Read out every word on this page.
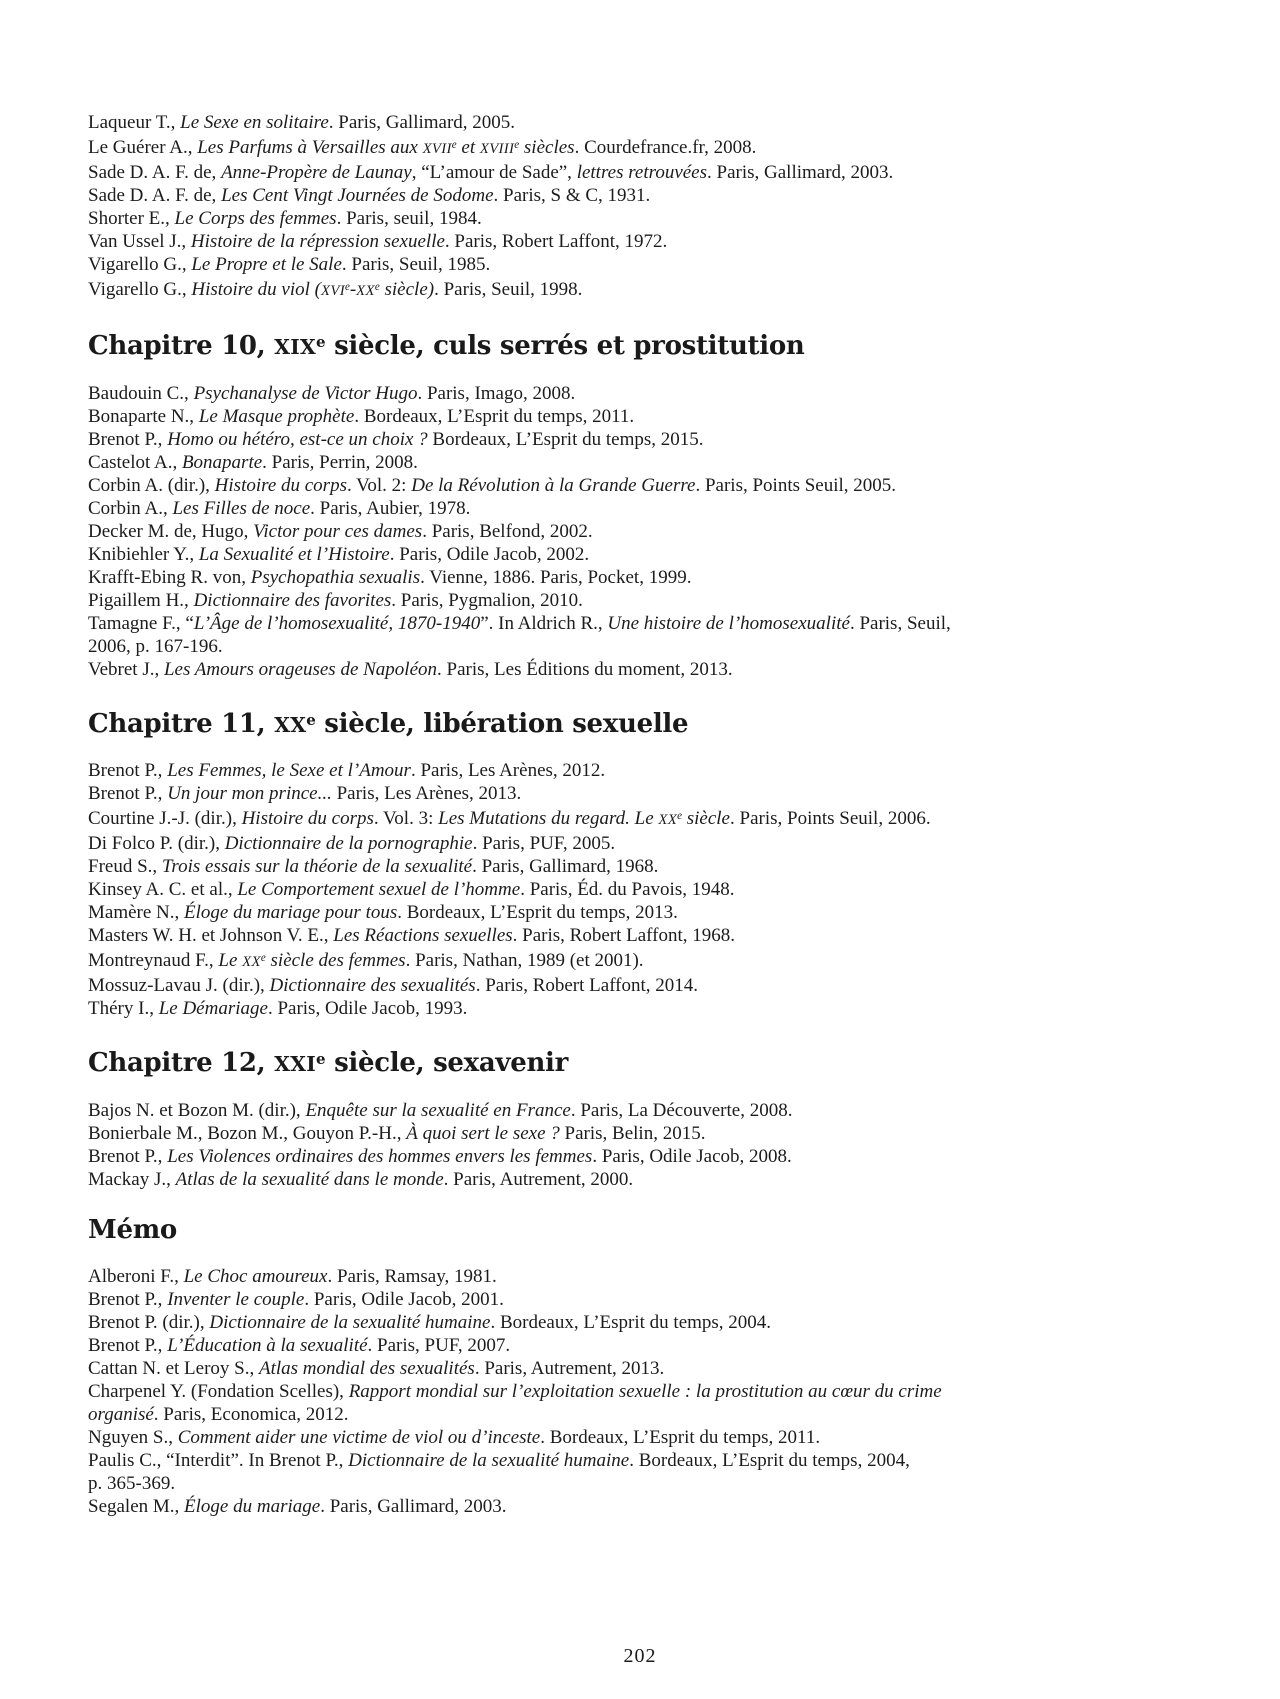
Laqueur T., Le Sexe en solitaire. Paris, Gallimard, 2005.

Le Guérer A., Les Parfums à Versailles aux XVIIe et XVIIIe siècles. Courdefrance.fr, 2008.

Sade D. A. F. de, Anne-Propère de Launay, “L’amour de Sade”, lettres retrouvées. Paris, Gallimard, 2003.

Sade D. A. F. de, Les Cent Vingt Journées de Sodome. Paris, S & C, 1931.

Shorter E., Le Corps des femmes. Paris, seuil, 1984.

Van Ussel J., Histoire de la répression sexuelle. Paris, Robert Laffont, 1972.

Vigarello G., Le Propre et le Sale. Paris, Seuil, 1985.

Vigarello G., Histoire du viol (XVIe-XXe siècle). Paris, Seuil, 1998.

Chapitre 10, XIXe siècle, culs serrés et prostitution

Baudouin C., Psychanalyse de Victor Hugo. Paris, Imago, 2008.

Bonaparte N., Le Masque prophète. Bordeaux, L’Esprit du temps, 2011.

Brenot P., Homo ou hétéro, est-ce un choix ? Bordeaux, L’Esprit du temps, 2015.

Castelot A., Bonaparte. Paris, Perrin, 2008.

Corbin A. (dir.), Histoire du corps. Vol. 2: De la Révolution à la Grande Guerre. Paris, Points Seuil, 2005.

Corbin A., Les Filles de noce. Paris, Aubier, 1978.

Decker M. de, Hugo, Victor pour ces dames. Paris, Belfond, 2002.

Knibiehler Y., La Sexualité et l’Histoire. Paris, Odile Jacob, 2002.

Krafft-Ebing R. von, Psychopathia sexualis. Vienne, 1886. Paris, Pocket, 1999.

Pigaillem H., Dictionnaire des favorites. Paris, Pygmalion, 2010.

Tamagne F., “L’Âge de l’homosexualité, 1870-1940”. In Aldrich R., Une histoire de l’homosexualité. Paris, Seuil,
2006, p. 167-196.

Vebret J., Les Amours orageuses de Napoléon. Paris, Les Éditions du moment, 2013.

Chapitre 11, XXe siècle, libération sexuelle

Brenot P., Les Femmes, le Sexe et l’Amour. Paris, Les Arènes, 2012.

Brenot P., Un jour mon prince... Paris, Les Arènes, 2013.

Courtine J.-J. (dir.), Histoire du corps. Vol. 3: Les Mutations du regard. Le XXe siècle. Paris, Points Seuil, 2006.

Di Folco P. (dir.), Dictionnaire de la pornographie. Paris, PUF, 2005.

Freud S., Trois essais sur la théorie de la sexualité. Paris, Gallimard, 1968.

Kinsey A. C. et al., Le Comportement sexuel de l’homme. Paris, Éd. du Pavois, 1948.

Mamère N., Éloge du mariage pour tous. Bordeaux, L’Esprit du temps, 2013.

Masters W. H. et Johnson V. E., Les Réactions sexuelles. Paris, Robert Laffont, 1968.

Montreynaud F., Le XXe siècle des femmes. Paris, Nathan, 1989 (et 2001).

Mossuz-Lavau J. (dir.), Dictionnaire des sexualités. Paris, Robert Laffont, 2014.

Théry I., Le Démariage. Paris, Odile Jacob, 1993.

Chapitre 12, XXIe siècle, sexavenir

Bajos N. et Bozon M. (dir.), Enquête sur la sexualité en France. Paris, La Découverte, 2008.

Bonierbale M., Bozon M., Gouyon P.-H., À quoi sert le sexe ? Paris, Belin, 2015.

Brenot P., Les Violences ordinaires des hommes envers les femmes. Paris, Odile Jacob, 2008.

Mackay J., Atlas de la sexualité dans le monde. Paris, Autrement, 2000.

Mémo

Alberoni F., Le Choc amoureux. Paris, Ramsay, 1981.

Brenot P., Inventer le couple. Paris, Odile Jacob, 2001.

Brenot P. (dir.), Dictionnaire de la sexualité humaine. Bordeaux, L’Esprit du temps, 2004.

Brenot P., L’Éducation à la sexualité. Paris, PUF, 2007.

Cattan N. et Leroy S., Atlas mondial des sexualités. Paris, Autrement, 2013.

Charpenel Y. (Fondation Scelles), Rapport mondial sur l’exploitation sexuelle : la prostitution au cœur du crime
organisé. Paris, Economica, 2012.

Nguyen S., Comment aider une victime de viol ou d’inceste. Bordeaux, L’Esprit du temps, 2011.

Paulis C., “Interdit”. In Brenot P., Dictionnaire de la sexualité humaine. Bordeaux, L’Esprit du temps, 2004,
p. 365-369.

Segalen M., Éloge du mariage. Paris, Gallimard, 2003.

202
